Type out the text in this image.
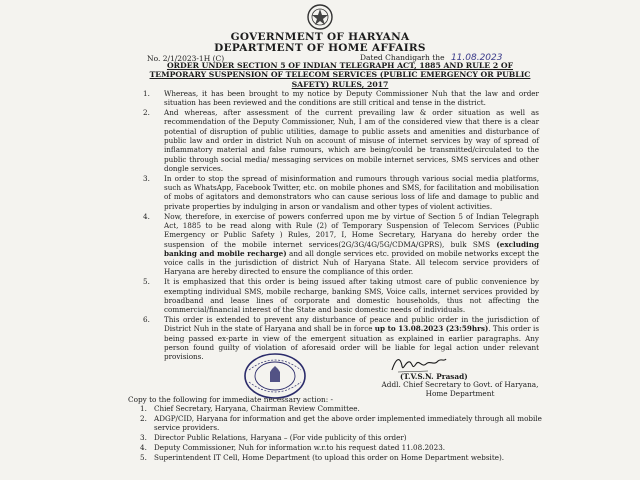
GOVERNMENT OF HARYANA
DEPARTMENT OF HOME AFFAIRS
No. 2/1/2023-1H (C)	Dated Chandigarh the 11.08.2023
ORDER UNDER SECTION 5 OF INDIAN TELEGRAPH ACT, 1885 AND RULE 2 OF TEMPORARY SUSPENSION OF TELECOM SERVICES (PUBLIC EMERGENCY OR PUBLIC SAFETY) RULES, 2017
1. Whereas, it has been brought to my notice by Deputy Commissioner Nuh that the law and order situation has been reviewed and the conditions are still critical and tense in the district.
2. And whereas, after assessment of the current prevailing law & order situation as well as recommendation of the Deputy Commissioner, Nuh, I am of the considered view that there is a clear potential of disruption of public utilities, damage to public assets and amenities and disturbance of public law and order in district Nuh on account of misuse of internet services by way of spread of inflammatory material and false rumours, which are being/could be transmitted/circulated to the public through social media/ messaging services on mobile internet services, SMS services and other dongle services.
3. In order to stop the spread of misinformation and rumours through various social media platforms, such as WhatsApp, Facebook Twitter, etc. on mobile phones and SMS, for facilitation and mobilisation of mobs of agitators and demonstrators who can cause serious loss of life and damage to public and private properties by indulging in arson or vandalism and other types of violent activities.
4. Now, therefore, in exercise of powers conferred upon me by virtue of Section 5 of Indian Telegraph Act, 1885 to be read along with Rule (2) of Temporary Suspension of Telecom Services (Public Emergency or Public Safety ) Rules, 2017, I, Home Secretary, Haryana do hereby order the suspension of the mobile internet services(2G/3G/4G/5G/CDMA/GPRS), bulk SMS (excluding banking and mobile recharge) and all dongle services etc. provided on mobile networks except the voice calls in the jurisdiction of district Nuh of Haryana State. All telecom service providers of Haryana are hereby directed to ensure the compliance of this order.
5. It is emphasized that this order is being issued after taking utmost care of public convenience by exempting individual SMS, mobile recharge, banking SMS, Voice calls, internet services provided by broadband and lease lines of corporate and domestic households, thus not affecting the commercial/financial interest of the State and basic domestic needs of individuals.
6. This order is extended to prevent any disturbance of peace and public order in the jurisdiction of District Nuh in the state of Haryana and shall be in force up to 13.08.2023 (23:59hrs). This order is being passed ex-parte in view of the emergent situation as explained in earlier paragraphs. Any person found guilty of violation of aforesaid order will be liable for legal action under relevant provisions.
(T.V.S.N. Prasad)
Addl. Chief Secretary to Govt. of Haryana,
Home Department
Copy to the following for immediate necessary action: -
1. Chief Secretary, Haryana, Chairman Review Committee.
2. ADGP/CID, Haryana for information and get the above order implemented immediately through all mobile service providers.
3. Director Public Relations, Haryana – (For vide publicity of this order)
4. Deputy Commissioner, Nuh for information w.r.to his request dated 11.08.2023.
5. Superintendent IT Cell, Home Department (to upload this order on Home Department website).
